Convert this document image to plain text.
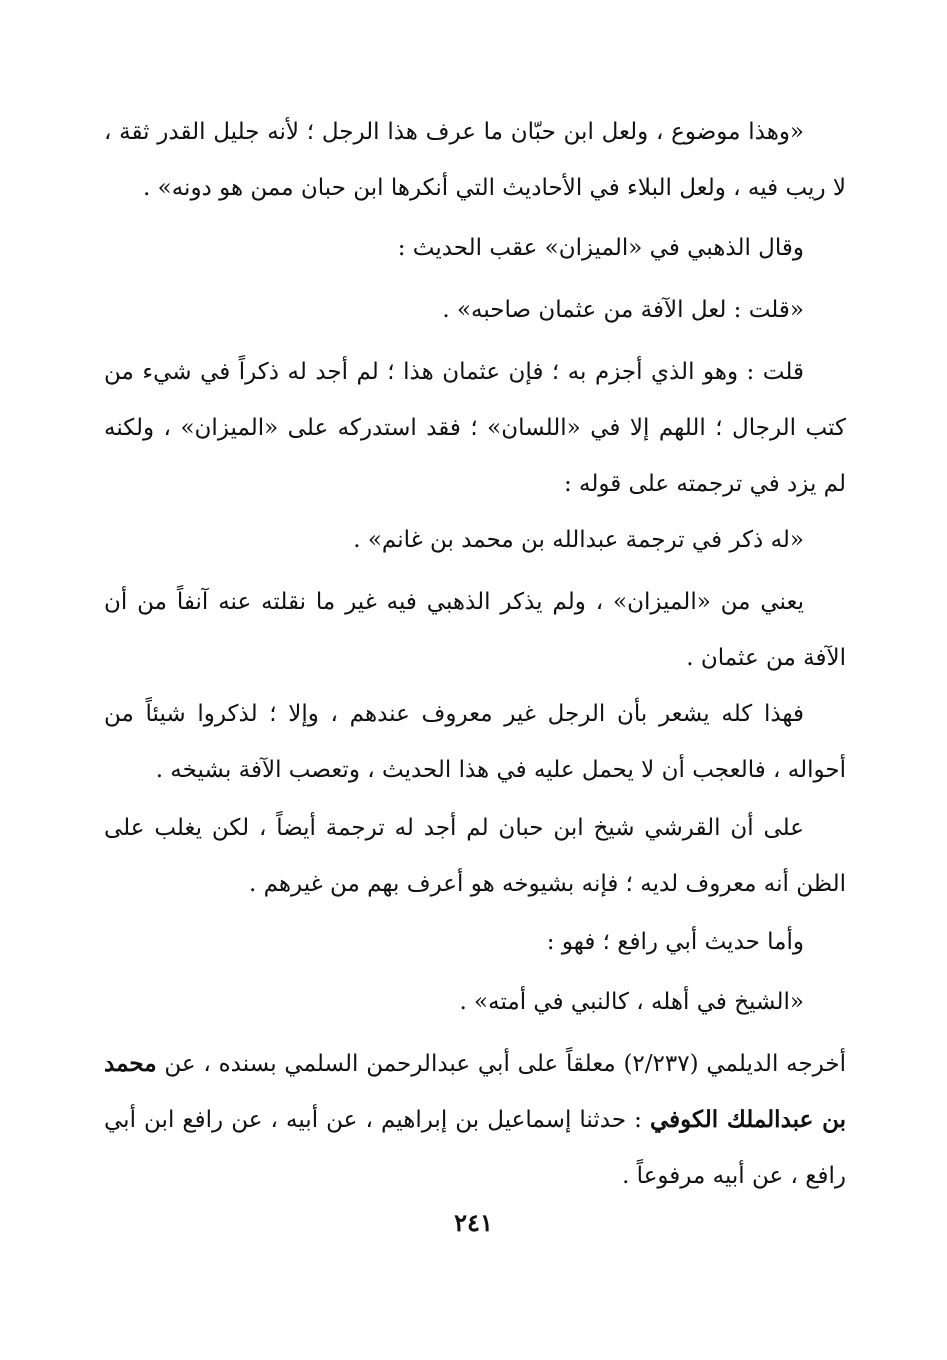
«وهذا موضوع ، ولعل ابن حبّان ما عرف هذا الرجل ؛ لأنه جليل القدر ثقة ، لا ريب فيه ، ولعل البلاء في الأحاديث التي أنكرها ابن حبان ممن هو دونه» .

وقال الذهبي في «الميزان» عقب الحديث :

«قلت : لعل الآفة من عثمان صاحبه» .

قلت : وهو الذي أجزم به ؛ فإن عثمان هذا ؛ لم أجد له ذكراً في شيء من كتب الرجال ؛ اللهم إلا في «اللسان» ؛ فقد استدركه على «الميزان» ، ولكنه لم يزد في ترجمته على قوله :

«له ذكر في ترجمة عبدالله بن محمد بن غانم» .

يعني من «الميزان» ، ولم يذكر الذهبي فيه غير ما نقلته عنه آنفاً من أن الآفة من عثمان .

فهذا كله يشعر بأن الرجل غير معروف عندهم ، وإلا ؛ لذكروا شيئاً من أحواله ، فالعجب أن لا يحمل عليه في هذا الحديث ، وتعصب الآفة بشيخه .

على أن القرشي شيخ ابن حبان لم أجد له ترجمة أيضاً ، لكن يغلب على الظن أنه معروف لديه ؛ فإنه بشيوخه هو أعرف بهم من غيرهم .

وأما حديث أبي رافع ؛ فهو :

«الشيخ في أهله ، كالنبي في أمته» .

أخرجه الديلمي (٢/٢٣٧) معلقاً على أبي عبدالرحمن السلمي بسنده ، عن محمد بن عبدالملك الكوفي : حدثنا إسماعيل بن إبراهيم ، عن أبيه ، عن رافع ابن أبي رافع ، عن أبيه مرفوعاً .

٢٤١
